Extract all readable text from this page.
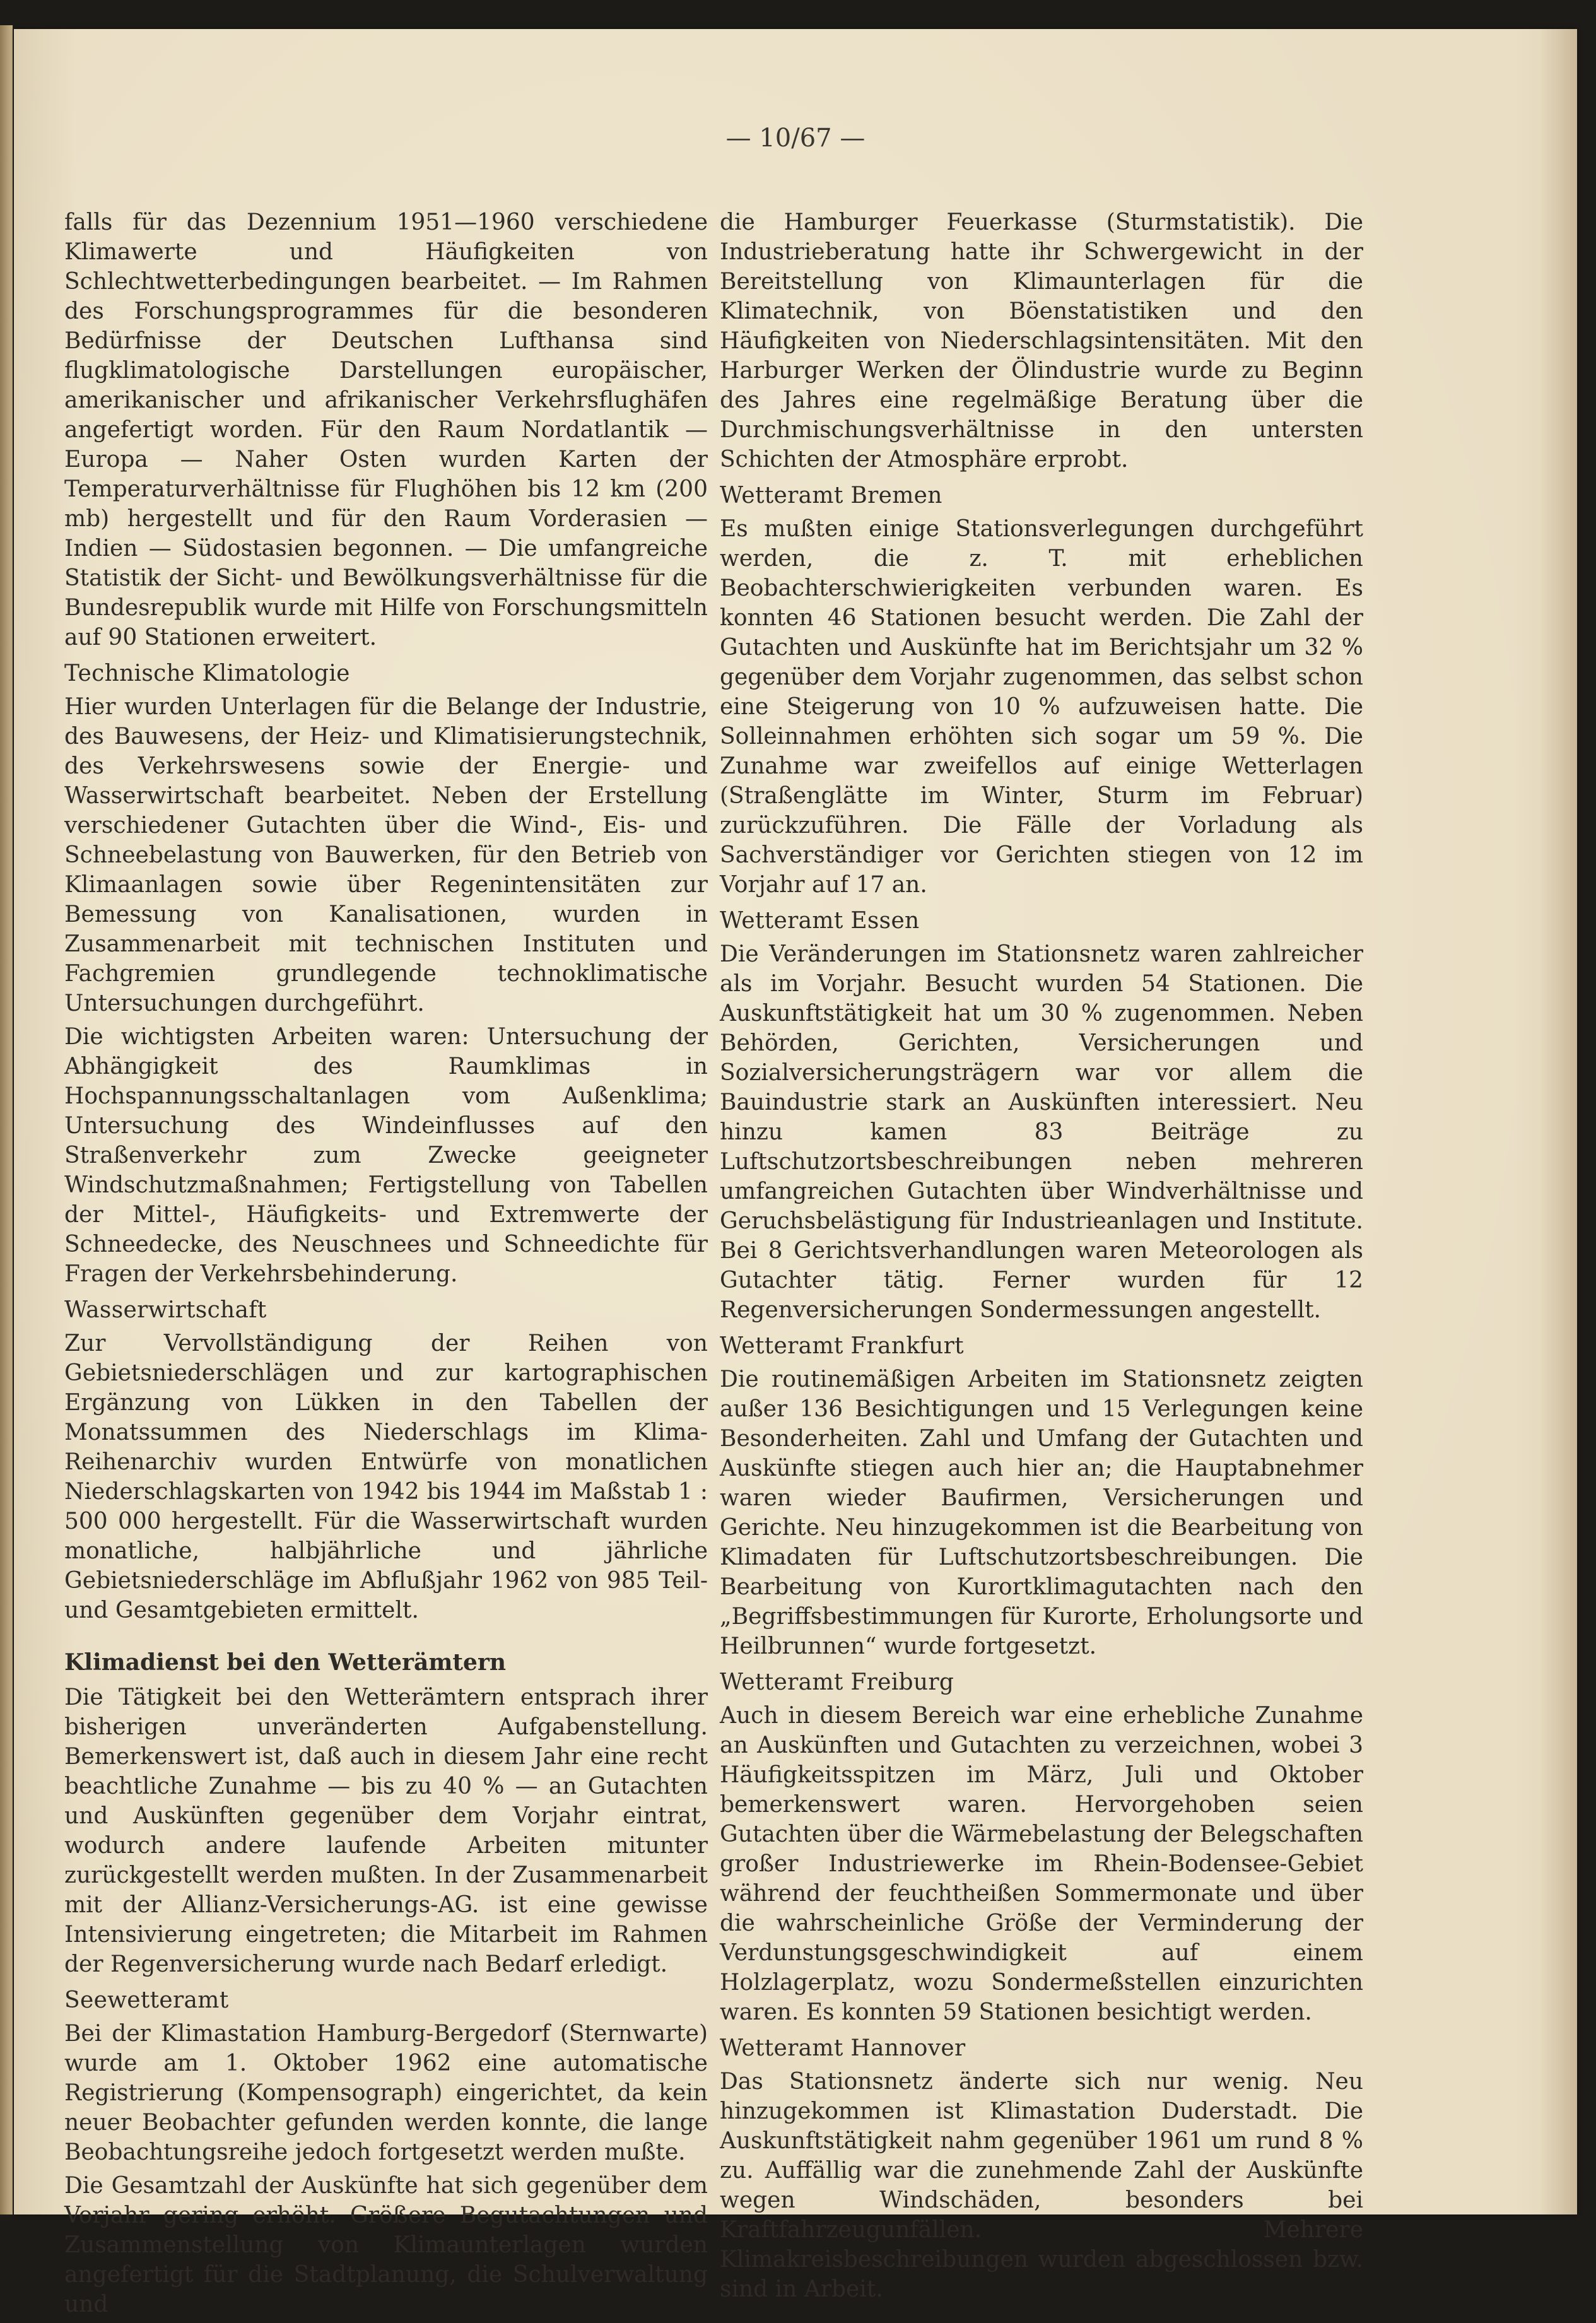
— 10/67 —

falls für das Dezennium 1951—1960 verschiedene Klimawerte und Häufigkeiten von Schlechtwetterbedingungen bearbeitet. — Im Rahmen des Forschungsprogrammes für die besonderen Bedürfnisse der Deutschen Lufthansa sind flugklimatologische Darstellungen europäischer, amerikanischer und afrikanischer Verkehrsflughäfen angefertigt worden. Für den Raum Nordatlantik — Europa — Naher Osten wurden Karten der Temperaturverhältnisse für Flughöhen bis 12 km (200 mb) hergestellt und für den Raum Vorderasien — Indien — Südostasien begonnen. — Die umfangreiche Statistik der Sicht- und Bewölkungsverhältnisse für die Bundesrepublik wurde mit Hilfe von Forschungsmitteln auf 90 Stationen erweitert.

Technische Klimatologie

Hier wurden Unterlagen für die Belange der Industrie, des Bauwesens, der Heiz- und Klimatisierungstechnik, des Verkehrswesens sowie der Energie- und Wasserwirtschaft bearbeitet. Neben der Erstellung verschiedener Gutachten über die Wind-, Eis- und Schneebelastung von Bauwerken, für den Betrieb von Klimaanlagen sowie über Regenintensitäten zur Bemessung von Kanalisationen, wurden in Zusammenarbeit mit technischen Instituten und Fachgremien grundlegende technoklimatische Untersuchungen durchgeführt.

Die wichtigsten Arbeiten waren: Untersuchung der Abhängigkeit des Raumklimas in Hochspannungsschaltanlagen vom Außenklima; Untersuchung des Windeinflusses auf den Straßenverkehr zum Zwecke geeigneter Windschutzmaßnahmen; Fertigstellung von Tabellen der Mittel-, Häufigkeits- und Extremwerte der Schneedecke, des Neuschnees und Schneedichte für Fragen der Verkehrsbehinderung.

Wasserwirtschaft

Zur Vervollständigung der Reihen von Gebietsniederschlägen und zur kartographischen Ergänzung von Lükken in den Tabellen der Monatssummen des Niederschlags im Klima-Reihenarchiv wurden Entwürfe von monatlichen Niederschlagskarten von 1942 bis 1944 im Maßstab 1 : 500 000 hergestellt. Für die Wasserwirtschaft wurden monatliche, halbjährliche und jährliche Gebietsniederschläge im Abflußjahr 1962 von 985 Teil- und Gesamtgebieten ermittelt.

Klimadienst bei den Wetterämtern

Die Tätigkeit bei den Wetterämtern entsprach ihrer bisherigen unveränderten Aufgabenstellung. Bemerkenswert ist, daß auch in diesem Jahr eine recht beachtliche Zunahme — bis zu 40 % — an Gutachten und Auskünften gegenüber dem Vorjahr eintrat, wodurch andere laufende Arbeiten mitunter zurückgestellt werden mußten. In der Zusammenarbeit mit der Allianz-Versicherungs-AG. ist eine gewisse Intensivierung eingetreten; die Mitarbeit im Rahmen der Regenversicherung wurde nach Bedarf erledigt.

Seewetteramt

Bei der Klimastation Hamburg-Bergedorf (Sternwarte) wurde am 1. Oktober 1962 eine automatische Registrierung (Kompensograph) eingerichtet, da kein neuer Beobachter gefunden werden konnte, die lange Beobachtungsreihe jedoch fortgesetzt werden mußte.

Die Gesamtzahl der Auskünfte hat sich gegenüber dem Vorjahr gering erhöht. Größere Begutachtungen und Zusammenstellung von Klimaunterlagen wurden angefertigt für die Stadtplanung, die Schulverwaltung und

die Hamburger Feuerkasse (Sturmstatistik). Die Industrieberatung hatte ihr Schwergewicht in der Bereitstellung von Klimaunterlagen für die Klimatechnik, von Böenstatistiken und den Häufigkeiten von Niederschlagsintensitäten. Mit den Harburger Werken der Ölindustrie wurde zu Beginn des Jahres eine regelmäßige Beratung über die Durchmischungsverhältnisse in den untersten Schichten der Atmosphäre erprobt.

Wetteramt Bremen

Es mußten einige Stationsverlegungen durchgeführt werden, die z. T. mit erheblichen Beobachterschwierigkeiten verbunden waren. Es konnten 46 Stationen besucht werden. Die Zahl der Gutachten und Auskünfte hat im Berichtsjahr um 32 % gegenüber dem Vorjahr zugenommen, das selbst schon eine Steigerung von 10 % aufzuweisen hatte. Die Solleinnahmen erhöhten sich sogar um 59 %. Die Zunahme war zweifellos auf einige Wetterlagen (Straßenglätte im Winter, Sturm im Februar) zurückzuführen. Die Fälle der Vorladung als Sachverständiger vor Gerichten stiegen von 12 im Vorjahr auf 17 an.

Wetteramt Essen

Die Veränderungen im Stationsnetz waren zahlreicher als im Vorjahr. Besucht wurden 54 Stationen. Die Auskunftstätigkeit hat um 30 % zugenommen. Neben Behörden, Gerichten, Versicherungen und Sozialversicherungsträgern war vor allem die Bauindustrie stark an Auskünften interessiert. Neu hinzu kamen 83 Beiträge zu Luftschutzortsbeschreibungen neben mehreren umfangreichen Gutachten über Windverhältnisse und Geruchsbelästigung für Industrieanlagen und Institute. Bei 8 Gerichtsverhandlungen waren Meteorologen als Gutachter tätig. Ferner wurden für 12 Regenversicherungen Sondermessungen angestellt.

Wetteramt Frankfurt

Die routinemäßigen Arbeiten im Stationsnetz zeigten außer 136 Besichtigungen und 15 Verlegungen keine Besonderheiten. Zahl und Umfang der Gutachten und Auskünfte stiegen auch hier an; die Hauptabnehmer waren wieder Baufirmen, Versicherungen und Gerichte. Neu hinzugekommen ist die Bearbeitung von Klimadaten für Luftschutzortsbeschreibungen. Die Bearbeitung von Kurortklimagutachten nach den „Begriffsbestimmungen für Kurorte, Erholungsorte und Heilbrunnen“ wurde fortgesetzt.

Wetteramt Freiburg

Auch in diesem Bereich war eine erhebliche Zunahme an Auskünften und Gutachten zu verzeichnen, wobei 3 Häufigkeitsspitzen im März, Juli und Oktober bemerkenswert waren. Hervorgehoben seien Gutachten über die Wärmebelastung der Belegschaften großer Industriewerke im Rhein-Bodensee-Gebiet während der feuchtheißen Sommermonate und über die wahrscheinliche Größe der Verminderung der Verdunstungsgeschwindigkeit auf einem Holzlagerplatz, wozu Sondermeßstellen einzurichten waren. Es konnten 59 Stationen besichtigt werden.

Wetteramt Hannover

Das Stationsnetz änderte sich nur wenig. Neu hinzugekommen ist Klimastation Duderstadt. Die Auskunftstätigkeit nahm gegenüber 1961 um rund 8 % zu. Auffällig war die zunehmende Zahl der Auskünfte wegen Windschäden, besonders bei Kraftfahrzeugunfällen. Mehrere Klimakreisbeschreibungen wurden abgeschlossen bzw. sind in Arbeit.
